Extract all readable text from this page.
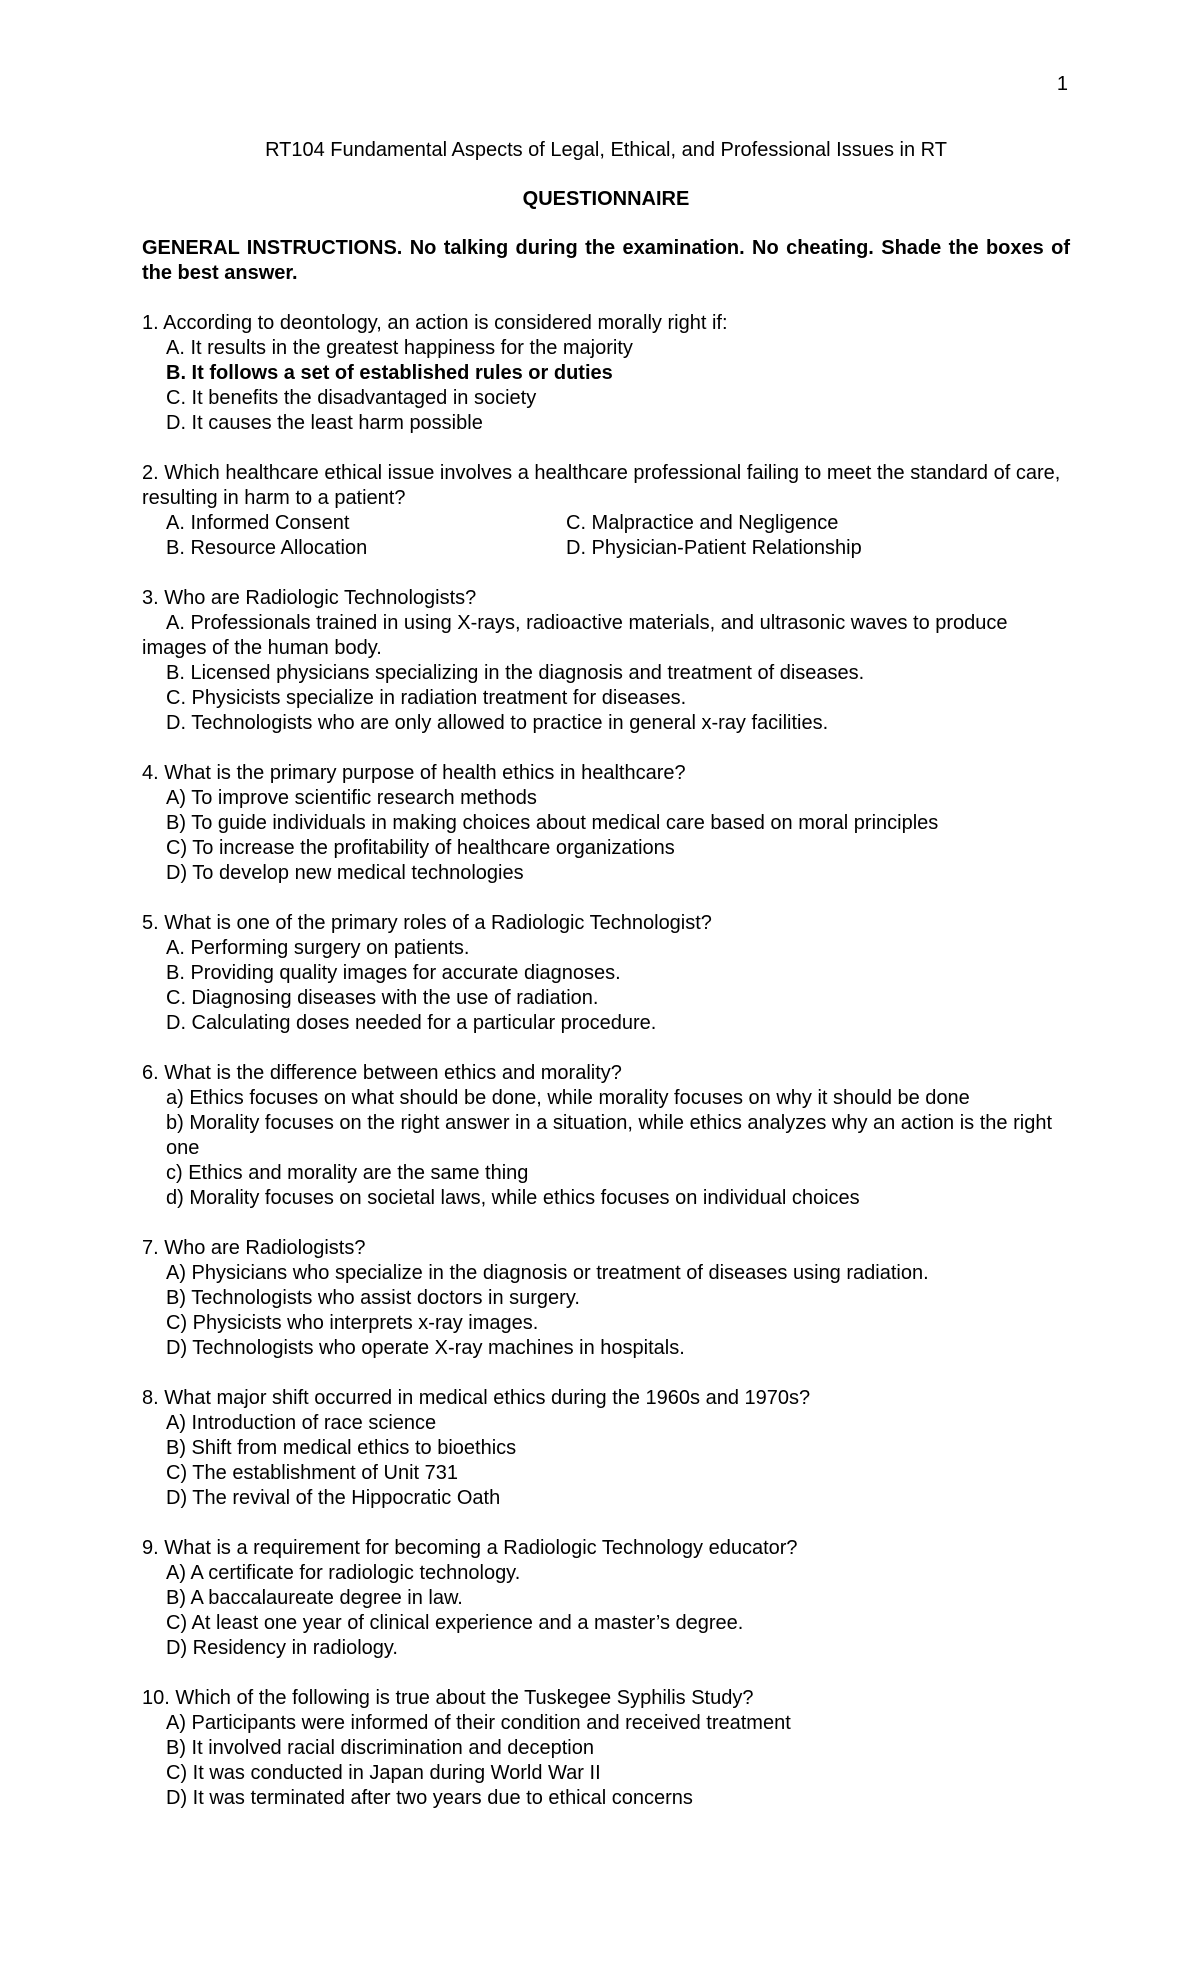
1
RT104 Fundamental Aspects of Legal, Ethical, and Professional Issues in RT
QUESTIONNAIRE
GENERAL INSTRUCTIONS. No talking during the examination. No cheating. Shade the boxes of the best answer.
1. According to deontology, an action is considered morally right if:
A. It results in the greatest happiness for the majority
B. It follows a set of established rules or duties
C. It benefits the disadvantaged in society
D. It causes the least harm possible
2. Which healthcare ethical issue involves a healthcare professional failing to meet the standard of care, resulting in harm to a patient?
A. Informed Consent	C. Malpractice and Negligence
B. Resource Allocation	D. Physician-Patient Relationship
3. Who are Radiologic Technologists?
A. Professionals trained in using X-rays, radioactive materials, and ultrasonic waves to produce images of the human body.
B. Licensed physicians specializing in the diagnosis and treatment of diseases.
C. Physicists specialize in radiation treatment for diseases.
D. Technologists who are only allowed to practice in general x-ray facilities.
4. What is the primary purpose of health ethics in healthcare?
A) To improve scientific research methods
B) To guide individuals in making choices about medical care based on moral principles
C) To increase the profitability of healthcare organizations
D) To develop new medical technologies
5. What is one of the primary roles of a Radiologic Technologist?
A. Performing surgery on patients.
B. Providing quality images for accurate diagnoses.
C. Diagnosing diseases with the use of radiation.
D. Calculating doses needed for a particular procedure.
6. What is the difference between ethics and morality?
a) Ethics focuses on what should be done, while morality focuses on why it should be done
b) Morality focuses on the right answer in a situation, while ethics analyzes why an action is the right one
c) Ethics and morality are the same thing
d) Morality focuses on societal laws, while ethics focuses on individual choices
7. Who are Radiologists?
A) Physicians who specialize in the diagnosis or treatment of diseases using radiation.
B) Technologists who assist doctors in surgery.
C) Physicists who interprets x-ray images.
D) Technologists who operate X-ray machines in hospitals.
8. What major shift occurred in medical ethics during the 1960s and 1970s?
A) Introduction of race science
B) Shift from medical ethics to bioethics
C) The establishment of Unit 731
D) The revival of the Hippocratic Oath
9. What is a requirement for becoming a Radiologic Technology educator?
A) A certificate for radiologic technology.
B) A baccalaureate degree in law.
C) At least one year of clinical experience and a master’s degree.
D) Residency in radiology.
10. Which of the following is true about the Tuskegee Syphilis Study?
A) Participants were informed of their condition and received treatment
B) It involved racial discrimination and deception
C) It was conducted in Japan during World War II
D) It was terminated after two years due to ethical concerns
